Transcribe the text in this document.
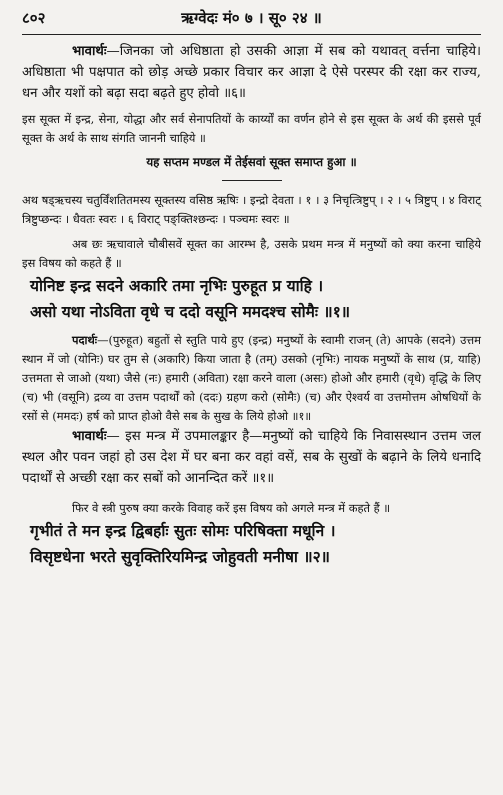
८०२	ऋग्वेदः मं० ७ । सू० २४ ॥

भावार्थः—जिनका जो अधिष्ठाता हो उसकी आज्ञा में सब को यथावत् वर्त्तना चाहिये। अधिष्ठाता भी पक्षपात को छोड़ अच्छे प्रकार विचार कर आज्ञा दे ऐसे परस्पर की रक्षा कर राज्य, धन और यशों को बढ़ा सदा बढ़ते हुए होवो ॥६॥

इस सूक्त में इन्द्र, सेना, योद्धा और सर्व सेनापतियों के कार्य्यों का वर्णन होने से इस सूक्त के अर्थ की इससे पूर्व सूक्त के अर्थ के साथ संगति जाननी चाहिये ॥

यह सप्तम मण्डल में तेईसवां सूक्त समाप्त हुआ ॥

अथ षड्ऋचस्य चतुर्विंशतितमस्य सूक्तस्य वसिष्ठ ऋषिः । इन्द्रो देवता । १ । ३ निचृत्त्रिष्टुप् । २ । ५ त्रिष्टुप् । ४ विराट् त्रिष्टुप्छन्दः । धैवतः स्वरः । ६ विराट् पङ्क्तिश्छन्दः । पञ्चमः स्वरः ॥

अब छः ऋचावाले चौबीसवें सूक्त का आरम्भ है, उसके प्रथम मन्त्र में मनुष्यों को क्या करना चाहिये इस विषय को कहते हैं ॥

योनिष्ट इन्द्र सदने अकारि तमा नृभिः पुरुहूत प्र याहि ।

असो यथा नोऽविता वृधे च ददो वसूनि ममदश्च सोमैः ॥१॥

पदार्थः—(पुरुहूत) बहुतों से स्तुति पाये हुए (इन्द्र) मनुष्यों के स्वामी राजन् (ते) आपके (सदने) उत्तम स्थान में जो (योनिः) घर तुम से (अकारि) किया जाता है (तम्) उसको (नृभिः) नायक मनुष्यों के साथ (प्र, याहि) उत्तमता से जाओ (यथा) जैसे (नः) हमारी (अविता) रक्षा करने वाला (असः) होओ और हमारी (वृधे) वृद्धि के लिए (च) भी (वसूनि) द्रव्य वा उत्तम पदार्थों को (ददः) ग्रहण करो (सोमैः) (च) और ऐश्वर्य वा उत्तमोत्तम ओषधियों के रसों से (ममदः) हर्ष को प्राप्त होओ वैसे सब के सुख के लिये होओ ॥१॥

भावार्थः— इस मन्त्र में उपमालङ्कार है—मनुष्यों को चाहिये कि निवासस्थान उत्तम जल स्थल और पवन जहां हो उस देश में घर बना कर वहां वसें, सब के सुखों के बढ़ाने के लिये धनादि पदार्थों से अच्छी रक्षा कर सबों को आनन्दित करें ॥१॥

फिर वे स्त्री पुरुष क्या करके विवाह करें इस विषय को अगले मन्त्र में कहते हैं ॥

गृभीतं ते मन इन्द्र द्विबर्हाः सुतः सोमः परिषिक्ता मधूनि ।

विसृष्टधेना भरते सुवृक्तिरियमिन्द्र जोहुवती मनीषा ॥२॥
